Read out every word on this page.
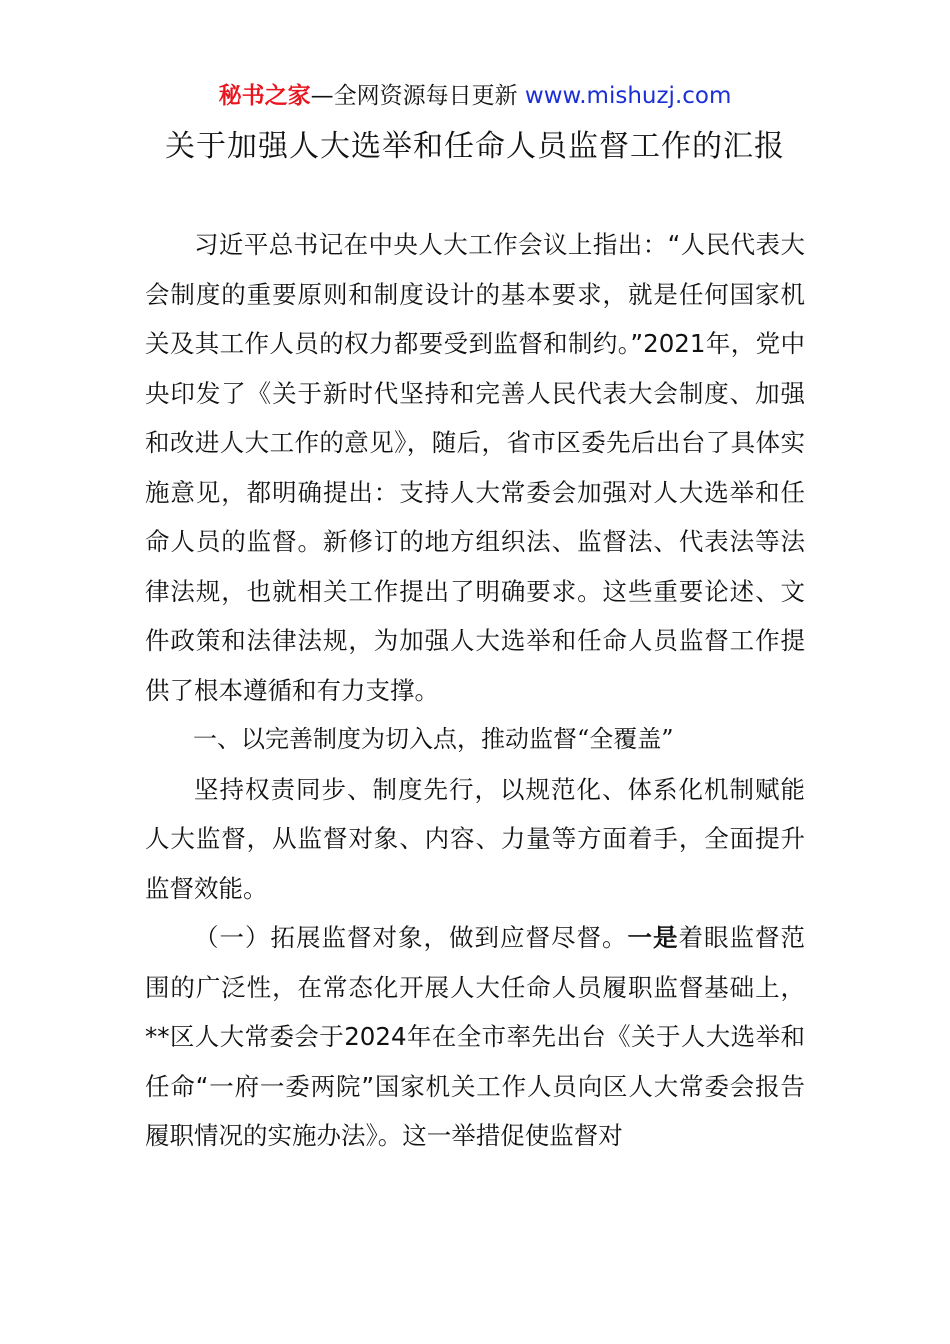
秘书之家—全网资源每日更新 www.mishuzj.com
关于加强人大选举和任命人员监督工作的汇报

习近平总书记在中央人大工作会议上指出：“人民代表大会制度的重要原则和制度设计的基本要求，就是任何国家机关及其工作人员的权力都要受到监督和制约。”2021年，党中央印发了《关于新时代坚持和完善人民代表大会制度、加强和改进人大工作的意见》，随后，省市区委先后出台了具体实施意见，都明确提出：支持人大常委会加强对人大选举和任命人员的监督。新修订的地方组织法、监督法、代表法等法律法规，也就相关工作提出了明确要求。这些重要论述、文件政策和法律法规，为加强人大选举和任命人员监督工作提供了根本遵循和有力支撑。

一、以完善制度为切入点，推动监督“全覆盖”

坚持权责同步、制度先行，以规范化、体系化机制赋能人大监督，从监督对象、内容、力量等方面着手，全面提升监督效能。

（一）拓展监督对象，做到应督尽督。一是着眼监督范围的广泛性，在常态化开展人大任命人员履职监督基础上，**区人大常委会于2024年在全市率先出台《关于人大选举和任命“一府一委两院”国家机关工作人员向区人大常委会报告履职情况的实施办法》。这一举措促使监督对
